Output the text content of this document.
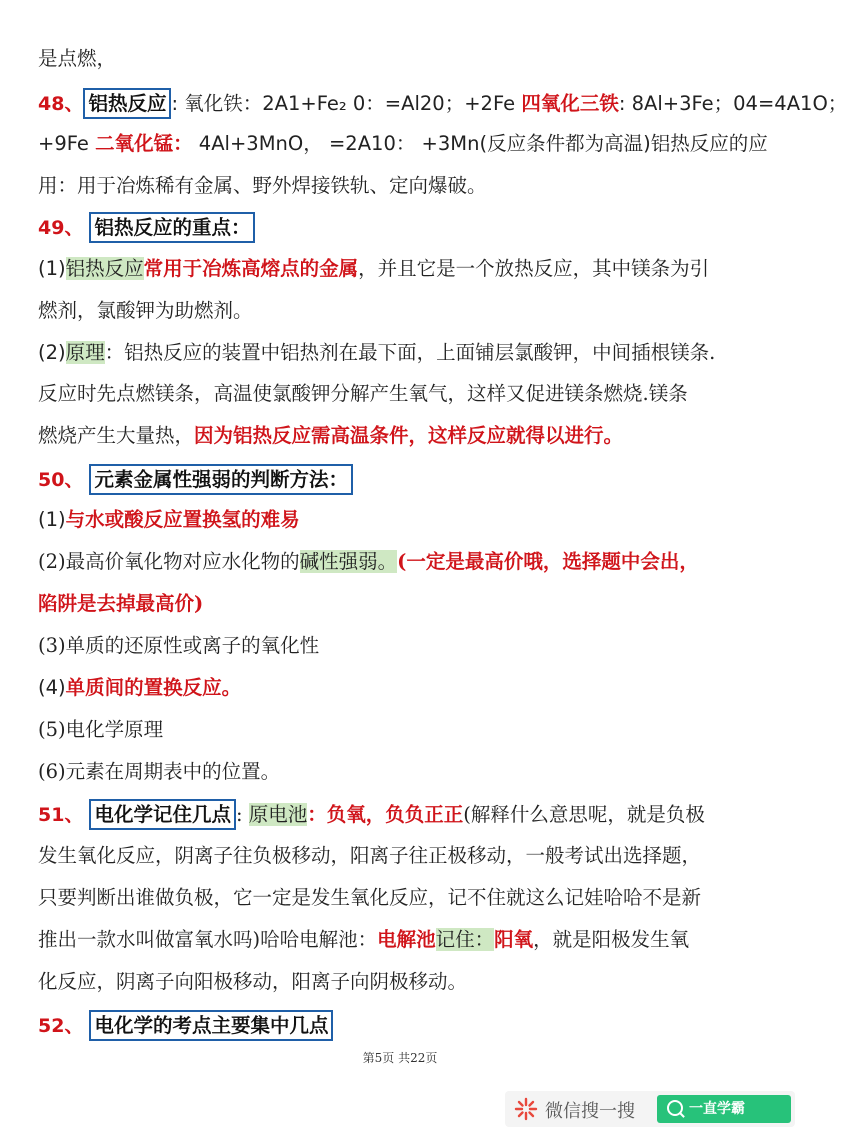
是点燃，
48、 铝热反应 : 氧化铁：2A1+Fe₂ 0：=Al20；+2Fe 四氧化三铁: 8Al+3Fe；04=4A1O；
+9Fe 二氧化锰： 4Al+3MnO， =2A10： +3Mn(反应条件都为高温)铝热反应的应
用：用于冶炼稀有金属、野外焊接铁轨、定向爆破。
49、 铝热反应的重点：
(1)铝热反应常用于冶炼高熔点的金属，并且它是一个放热反应，其中镁条为引
燃剂，氯酸钾为助燃剂。
(2)原理：铝热反应的装置中铝热剂在最下面，上面铺层氯酸钾，中间插根镁条.
反应时先点燃镁条，高温使氯酸钾分解产生氧气，这样又促进镁条燃烧.镁条
燃烧产生大量热，因为铝热反应需高温条件，这样反应就得以进行。
50、 元素金属性强弱的判断方法：
(1)与水或酸反应置换氢的难易
(2)最高价氧化物对应水化物的碱性强弱。(一定是最高价哦，选择题中会出，
陷阱是去掉最高价)
(3)单质的还原性或离子的氧化性
(4)单质间的置换反应。
(5)电化学原理
(6)元素在周期表中的位置。
51、 电化学记住几点 : 原电池：负氧，负负正正(解释什么意思呢，就是负极
发生氧化反应，阴离子往负极移动，阳离子往正极移动，一般考试出选择题，
只要判断出谁做负极，它一定是发生氧化反应，记不住就这么记娃哈哈不是新
推出一款水叫做富氧水吗)哈哈电解池：电解池记住：阳氧，就是阳极发生氧
化反应，阴离子向阳极移动，阳离子向阴极移动。
52、 电化学的考点主要集中几点
第5页 共22页
微信搜一搜	一直学霸
